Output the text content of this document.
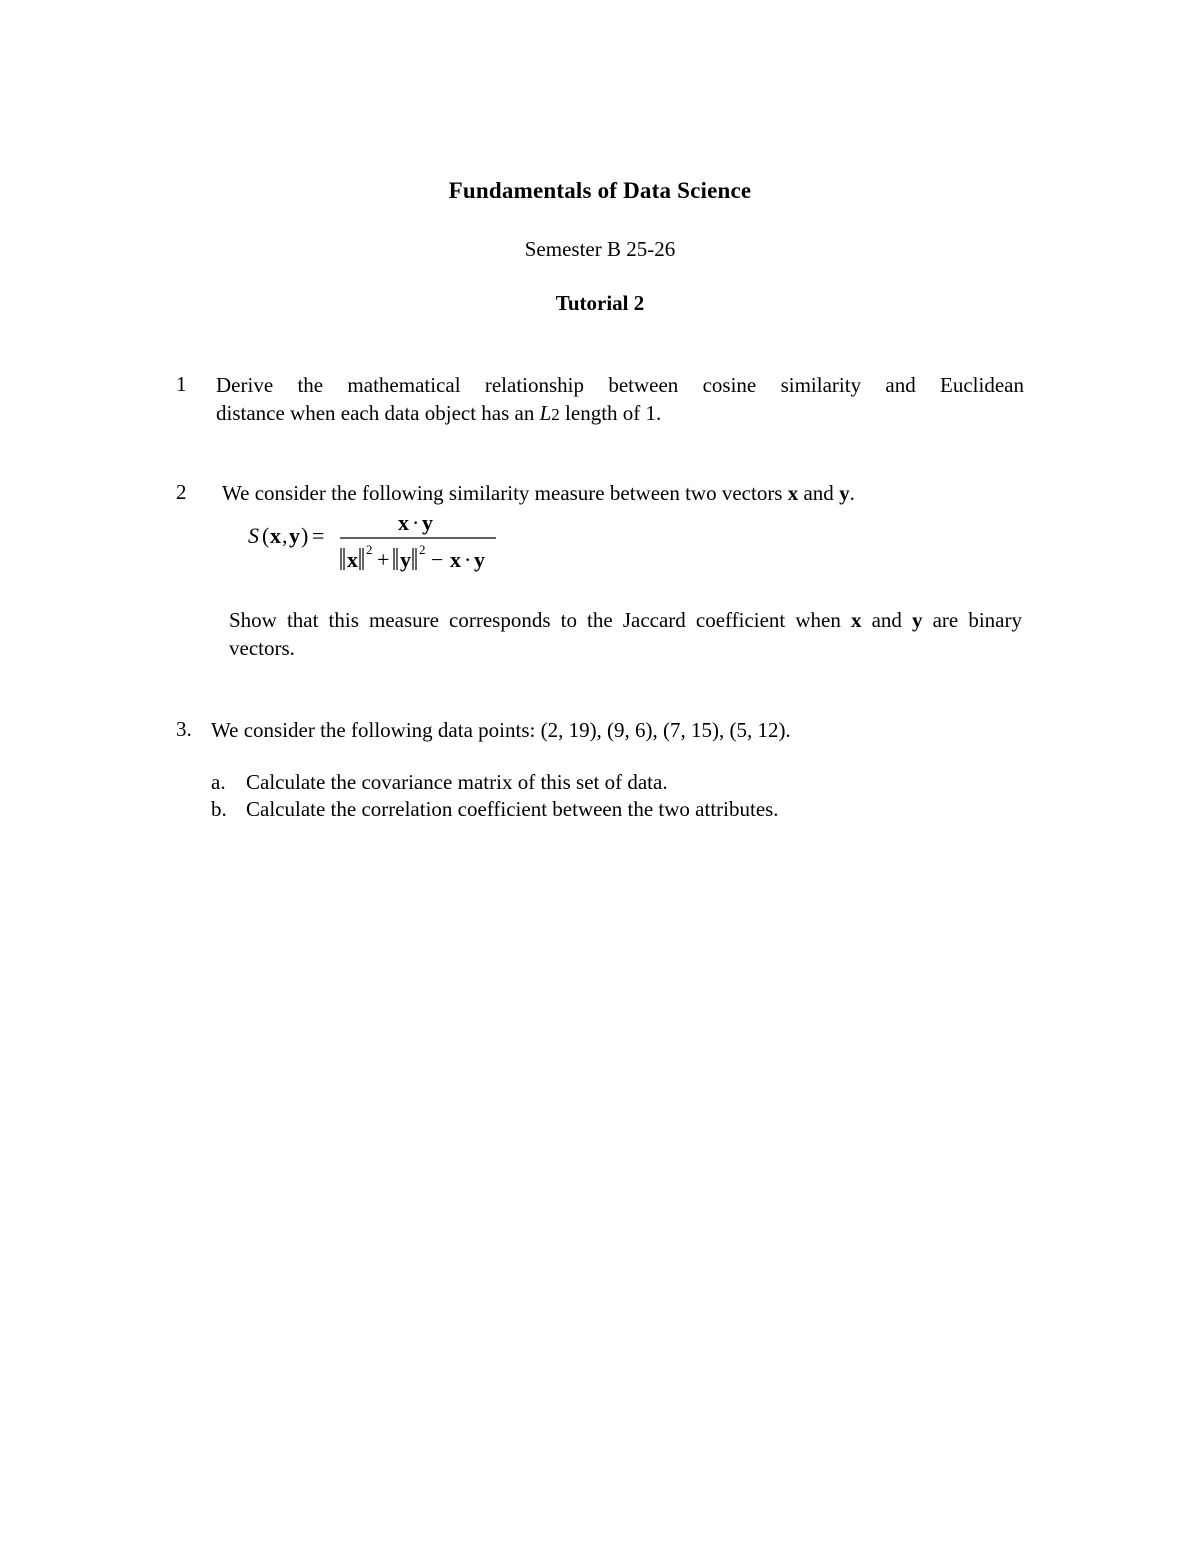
Fundamentals of Data Science
Semester B 25-26
Tutorial 2
1 Derive the mathematical relationship between cosine similarity and Euclidean
distance when each data object has an L2 length of 1.
2 We consider the following similarity measure between two vectors x and y.
S ( x , y ) =
x · y
x 2 + y 2 − x · y
Show that this measure corresponds to the Jaccard coefficient when x and y are binary vectors.
3. We consider the following data points: (2, 19), (9, 6), (7, 15), (5, 12).
a. Calculate the covariance matrix of this set of data.
b. Calculate the correlation coefficient between the two attributes.
